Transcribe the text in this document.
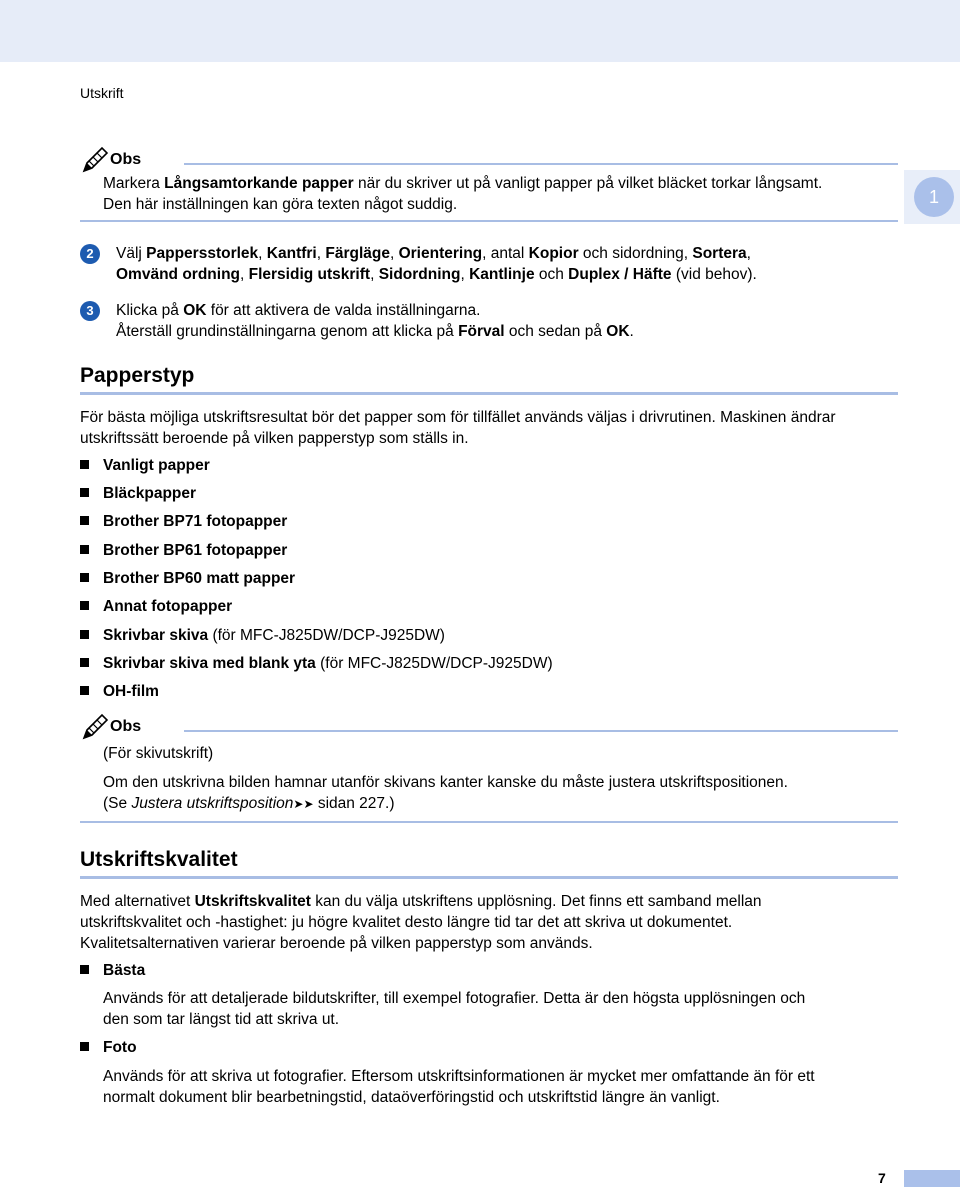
Utskrift
1
Obs
Markera Långsamtorkande papper när du skriver ut på vanligt papper på vilket bläcket torkar långsamt.
Den här inställningen kan göra texten något suddig.
2	Välj Pappersstorlek, Kantfri, Färgläge, Orientering, antal Kopior och sidordning, Sortera,
Omvänd ordning, Flersidig utskrift, Sidordning, Kantlinje och Duplex / Häfte (vid behov).
3	Klicka på OK för att aktivera de valda inställningarna.
Återställ grundinställningarna genom att klicka på Förval och sedan på OK.
Papperstyp
För bästa möjliga utskriftsresultat bör det papper som för tillfället används väljas i drivrutinen. Maskinen ändrar
utskriftssätt beroende på vilken papperstyp som ställs in.
Vanligt papper
Bläckpapper
Brother BP71 fotopapper
Brother BP61 fotopapper
Brother BP60 matt papper
Annat fotopapper
Skrivbar skiva (för MFC-J825DW/DCP-J925DW)
Skrivbar skiva med blank yta (för MFC-J825DW/DCP-J925DW)
OH-film
Obs
(För skivutskrift)
Om den utskrivna bilden hamnar utanför skivans kanter kanske du måste justera utskriftspositionen.
(Se Justera utskriftsposition➤➤ sidan 227.)
Utskriftskvalitet
Med alternativet Utskriftskvalitet kan du välja utskriftens upplösning. Det finns ett samband mellan
utskriftskvalitet och -hastighet: ju högre kvalitet desto längre tid tar det att skriva ut dokumentet.
Kvalitetsalternativen varierar beroende på vilken papperstyp som används.
Bästa
Används för att detaljerade bildutskrifter, till exempel fotografier. Detta är den högsta upplösningen och
den som tar längst tid att skriva ut.
Foto
Används för att skriva ut fotografier. Eftersom utskriftsinformationen är mycket mer omfattande än för ett
normalt dokument blir bearbetningstid, dataöverföringstid och utskriftstid längre än vanligt.
7
